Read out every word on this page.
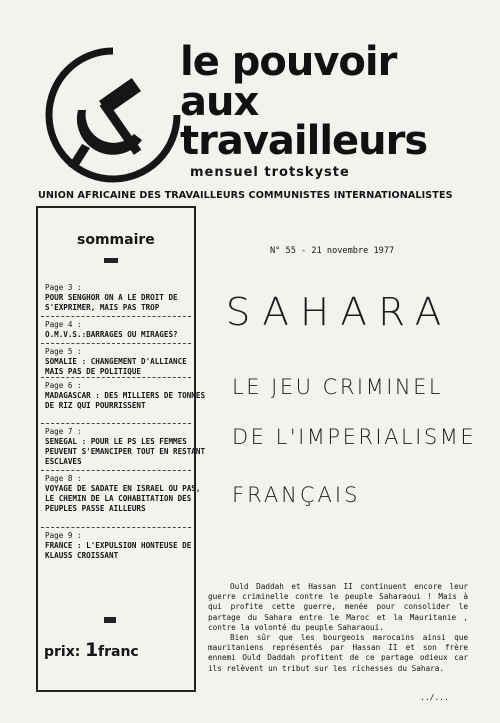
le pouvoir
aux
travailleurs
mensuel trotskyste
UNION AFRICAINE DES TRAVAILLEURS COMMUNISTES INTERNATIONALISTES
sommaire
Page 3 :
POUR SENGHOR ON A LE DROIT DE S'EXPRIMER, MAIS PAS TROP
Page 4 :
O.M.V.S.:BARRAGES OU MIRAGES?
Page 5 :
SOMALIE : CHANGEMENT D'ALLIANCE MAIS PAS DE POLITIQUE
Page 6 :
MADAGASCAR : DES MILLIERS DE TONNES DE RIZ QUI POURRISSENT
Page 7 :
SENEGAL : POUR LE PS LES FEMMES PEUVENT S'EMANCIPER TOUT EN RESTANT ESCLAVES
Page 8 :
VOYAGE DE SADATE EN ISRAEL OU PAS, LE CHEMIN DE LA COHABITATION DES PEUPLES PASSE AILLEURS
Page 9 :
FRANCE : L'EXPULSION HONTEUSE DE KLAUSS CROISSANT
prix: 1 franc
N° 55 - 21 novembre 1977
SAHARA
LE JEU CRIMINEL
DE L'IMPERIALISME
FRANÇAIS

Ould Daddah et Hassan II continuent encore leur guerre criminelle contre le peuple Saharaoui ! Mais à qui profite cette guerre, menée pour consolider le partage du Sahara entre le Maroc et la Mauritanie , contre la volonté du peuple Saharaoui.

Bien sûr que les bourgeois marocains ainsi que mauritaniens représentés par Hassan II et son frère ennemi Ould Daddah profitent de ce partage odieux car ils relèvent un tribut sur les richesses du Sahara.

../...
